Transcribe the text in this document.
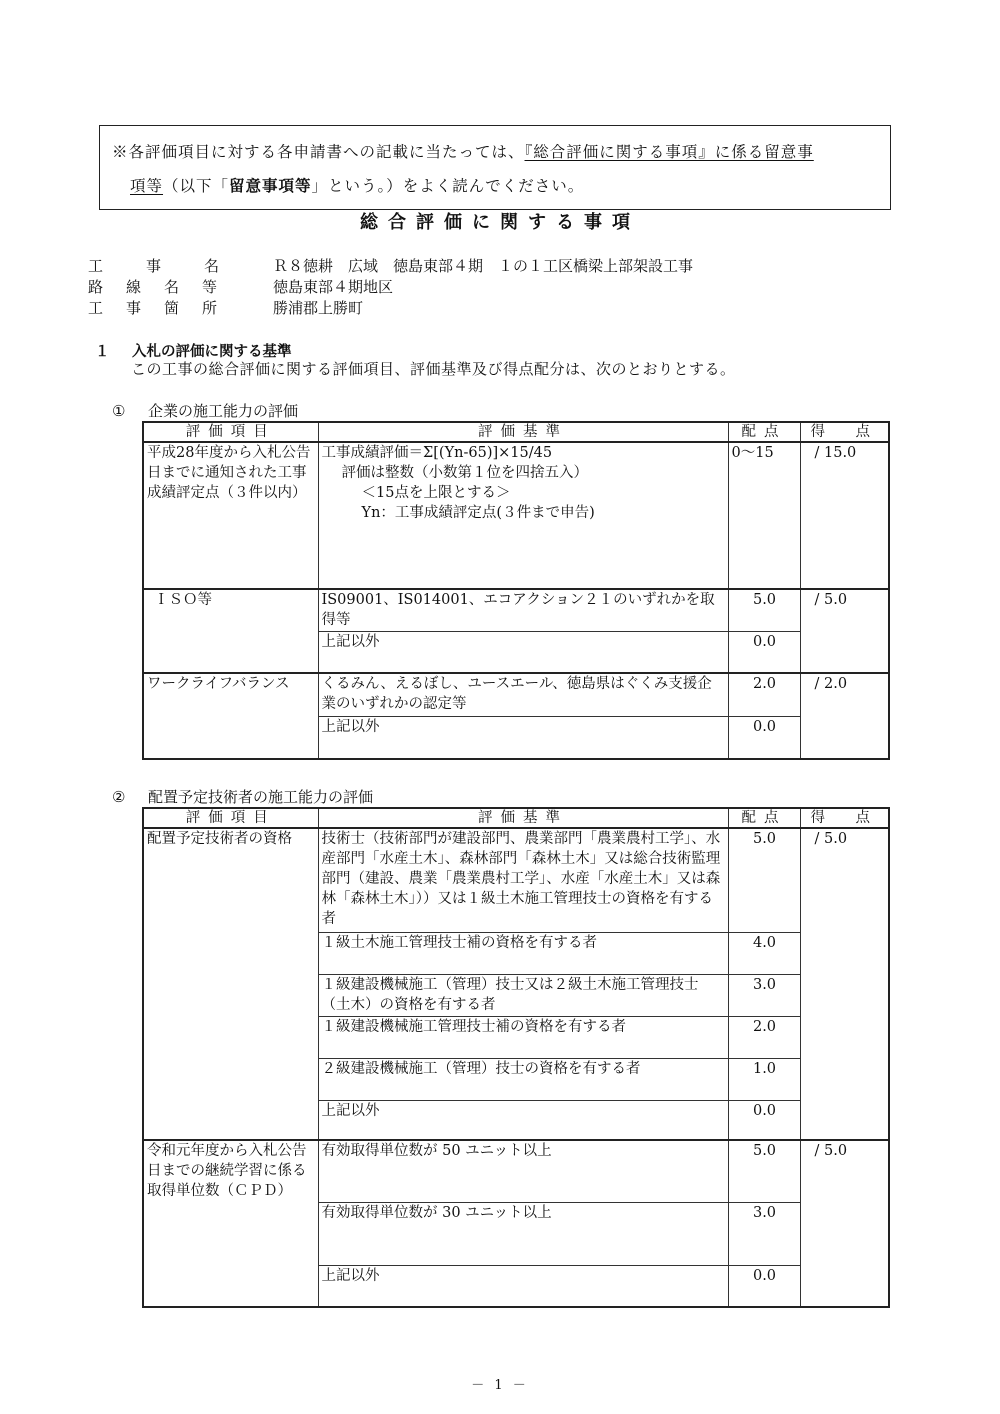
※各評価項目に対する各申請書への記載に当たっては、『総合評価に関する事項』に係る留意事
項等（以下「留意事項等」という。）をよく読んでください。
総合評価に関する事項
工	事	名	Ｒ８徳耕　広域　徳島東部４期　１の１工区橋梁上部架設工事
路 線 名 等	徳島東部４期地区
工 事 箇 所	勝浦郡上勝町
１ 入札の評価に関する基準
この工事の総合評価に関する評価項目、評価基準及び得点配分は、次のとおりとする。
① 企業の施工能力の評価
評価項目	評価基準	配点	得　点
平成28年度から入札公告日までに通知された工事成績評定点（３件以内）	工事成績評価＝Σ[(Yn-65)]×15/45
評価は整数（小数第１位を四捨五入）
＜15点を上限とする＞
Yn：工事成績評定点(３件まで申告)	0～15	/ 15.0
ＩＳＯ等	IS09001、IS014001、エコアクション２１のいずれかを取得等	5.0	/ 5.0
	上記以外	0.0	
ワークライフバランス	くるみん、えるぼし、ユースエール、徳島県はぐくみ支援企業のいずれかの認定等	2.0	/ 2.0
	上記以外	0.0	
② 配置予定技術者の施工能力の評価
評価項目	評価基準	配点	得　点
配置予定技術者の資格	技術士（技術部門が建設部門、農業部門「農業農村工学」、水産部門「水産土木」、森林部門「森林土木」又は総合技術監理部門（建設、農業「農業農村工学」、水産「水産土木」又は森林「森林土木」））又は１級土木施工管理技士の資格を有する者	5.0	/ 5.0
	１級土木施工管理技士補の資格を有する者	4.0	
	１級建設機械施工（管理）技士又は２級土木施工管理技士（土木）の資格を有する者	3.0	
	１級建設機械施工管理技士補の資格を有する者	2.0	
	２級建設機械施工（管理）技士の資格を有する者	1.0	
	上記以外	0.0	
令和元年度から入札公告日までの継続学習に係る取得単位数（ＣＰＤ）	有効取得単位数が 50 ユニット以上	5.0	/ 5.0
	有効取得単位数が 30 ユニット以上	3.0	
	上記以外	0.0	
－ 1 －
